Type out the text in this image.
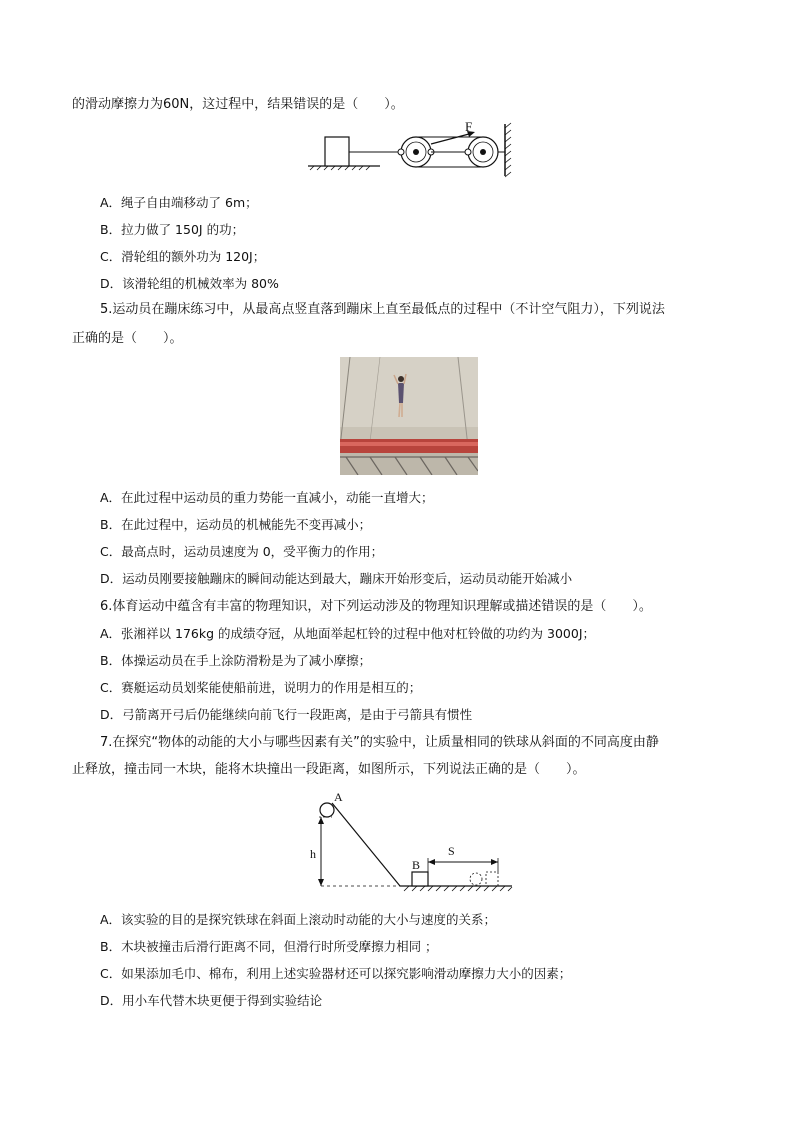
的滑动摩擦力为60N，这过程中，结果错误的是（　　）。
F
A．绳子自由端移动了 6m；
B．拉力做了 150J 的功；
C．滑轮组的额外功为 120J；
D．该滑轮组的机械效率为 80%
5.运动员在蹦床练习中，从最高点竖直落到蹦床上直至最低点的过程中（不计空气阻力），下列说法
正确的是（　　）。
A．在此过程中运动员的重力势能一直减小，动能一直增大；
B．在此过程中，运动员的机械能先不变再减小；
C．最高点时，运动员速度为 0，受平衡力的作用；
D．运动员刚要接触蹦床的瞬间动能达到最大，蹦床开始形变后，运动员动能开始减小
6.体育运动中蕴含有丰富的物理知识，对下列运动涉及的物理知识理解或描述错误的是（　　）。
A．张湘祥以 176kg 的成绩夺冠，从地面举起杠铃的过程中他对杠铃做的功约为 3000J；
B．体操运动员在手上涂防滑粉是为了减小摩擦；
C．赛艇运动员划桨能使船前进，说明力的作用是相互的；
D．弓箭离开弓后仍能继续向前飞行一段距离，是由于弓箭具有惯性
7.在探究“物体的动能的大小与哪些因素有关”的实验中，让质量相同的铁球从斜面的不同高度由静
止释放，撞击同一木块，能将木块撞出一段距离，如图所示，下列说法正确的是（　　）。
A
h
B
S
A．该实验的目的是探究铁球在斜面上滚动时动能的大小与速度的关系；
B．木块被撞击后滑行距离不同，但滑行时所受摩擦力相同 ；
C．如果添加毛巾、棉布，利用上述实验器材还可以探究影响滑动摩擦力大小的因素；
D．用小车代替木块更便于得到实验结论
